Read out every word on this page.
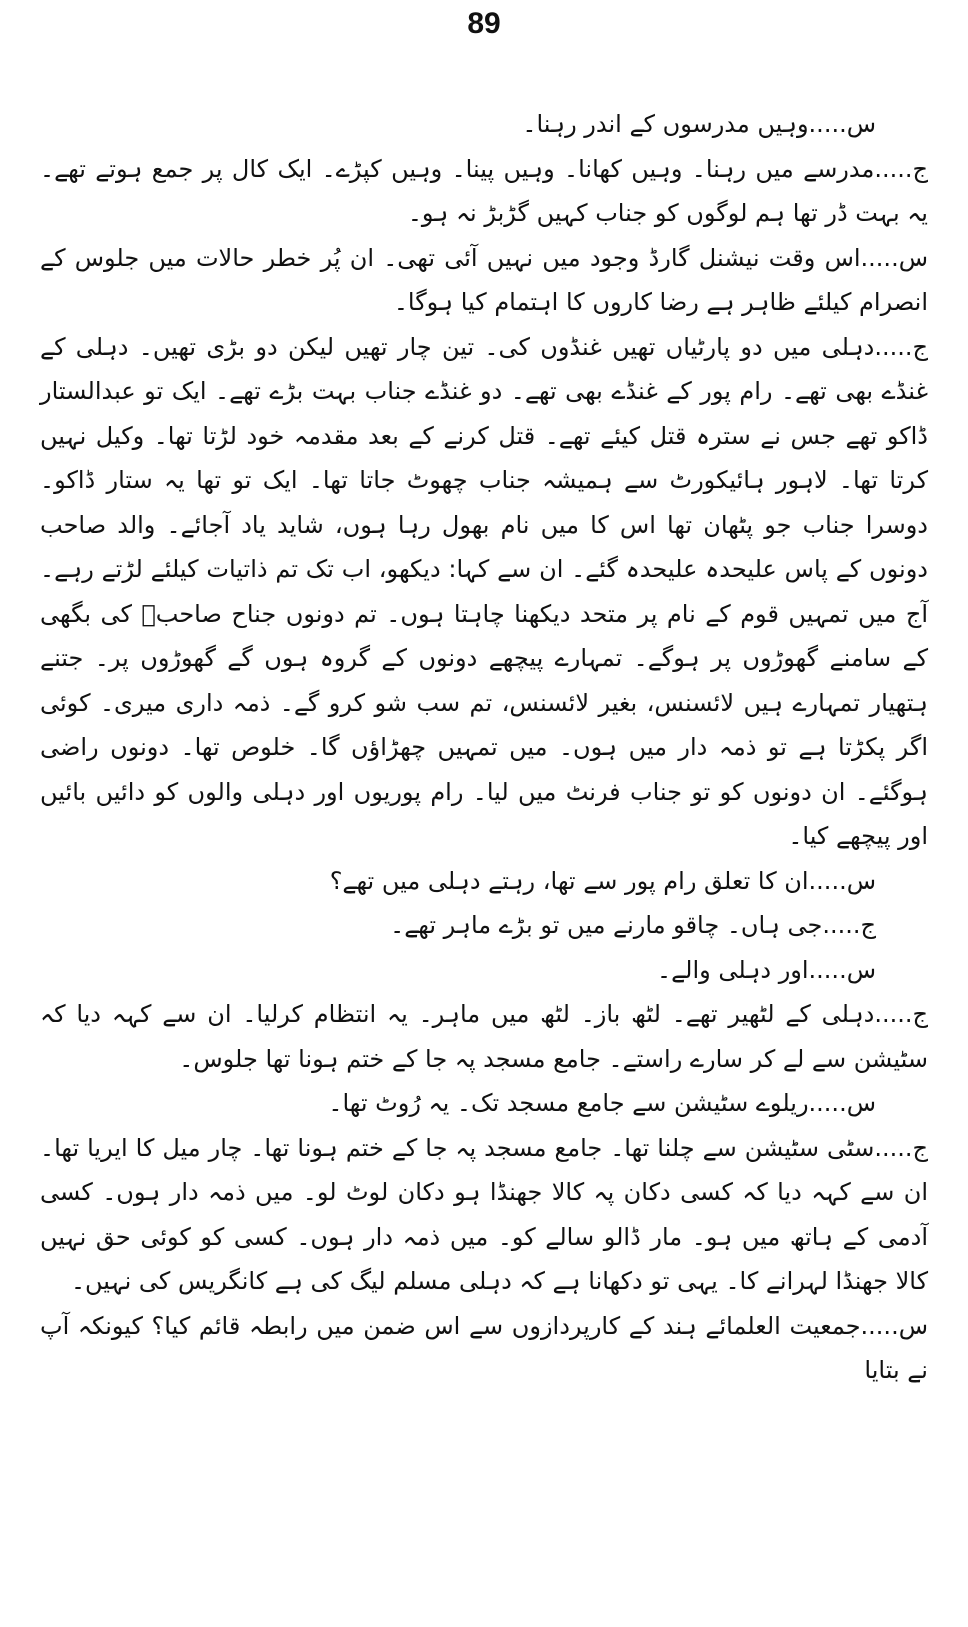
89

س.....وہیں مدرسوں کے اندر رہنا۔

ج.....مدرسے میں رہنا۔ وہیں کھانا۔ وہیں پینا۔ وہیں کپڑے۔ ایک کال پر جمع ہوتے تھے۔ یہ بہت ڈر تھا ہم لوگوں کو جناب کہیں گڑبڑ نہ ہو۔

س.....اس وقت نیشنل گارڈ وجود میں نہیں آئی تھی۔ ان پُر خطر حالات میں جلوس کے انصرام کیلئے ظاہر ہے رضا کاروں کا اہتمام کیا ہوگا۔

ج.....دہلی میں دو پارٹیاں تھیں غنڈوں کی۔ تین چار تھیں لیکن دو بڑی تھیں۔ دہلی کے غنڈے بھی تھے۔ رام پور کے غنڈے بھی تھے۔ دو غنڈے جناب بہت بڑے تھے۔ ایک تو عبدالستار ڈاکو تھے جس نے سترہ قتل کیئے تھے۔ قتل کرنے کے بعد مقدمہ خود لڑتا تھا۔ وکیل نہیں کرتا تھا۔ لاہور ہائیکورٹ سے ہمیشہ جناب چھوٹ جاتا تھا۔ ایک تو تھا یہ ستار ڈاکو۔ دوسرا جناب جو پٹھان تھا اس کا میں نام بھول رہا ہوں، شاید یاد آجائے۔ والد صاحب دونوں کے پاس علیحدہ علیحدہ گئے۔ ان سے کہا: دیکھو، اب تک تم ذاتیات کیلئے لڑتے رہے۔ آج میں تمہیں قوم کے نام پر متحد دیکھنا چاہتا ہوں۔ تم دونوں جناح صاحبؒ کی بگھی کے سامنے گھوڑوں پر ہوگے۔ تمہارے پیچھے دونوں کے گروہ ہوں گے گھوڑوں پر۔ جتنے ہتھیار تمہارے ہیں لائسنس، بغیر لائسنس، تم سب شو کرو گے۔ ذمہ داری میری۔ کوئی اگر پکڑتا ہے تو ذمہ دار میں ہوں۔ میں تمہیں چھڑاؤں گا۔ خلوص تھا۔ دونوں راضی ہوگئے۔ ان دونوں کو تو جناب فرنٹ میں لیا۔ رام پوریوں اور دہلی والوں کو دائیں بائیں اور پیچھے کیا۔

س.....ان کا تعلق رام پور سے تھا، رہتے دہلی میں تھے؟

ج.....جی ہاں۔ چاقو مارنے میں تو بڑے ماہر تھے۔

س.....اور دہلی والے۔

ج.....دہلی کے لٹھیر تھے۔ لٹھ باز۔ لٹھ میں ماہر۔ یہ انتظام کرلیا۔ ان سے کہہ دیا کہ سٹیشن سے لے کر سارے راستے۔ جامع مسجد پہ جا کے ختم ہونا تھا جلوس۔

س.....ریلوے سٹیشن سے جامع مسجد تک۔ یہ رُوٹ تھا۔

ج.....سٹی سٹیشن سے چلنا تھا۔ جامع مسجد پہ جا کے ختم ہونا تھا۔ چار میل کا ایریا تھا۔ ان سے کہہ دیا کہ کسی دکان پہ کالا جھنڈا ہو دکان لوٹ لو۔ میں ذمہ دار ہوں۔ کسی آدمی کے ہاتھ میں ہو۔ مار ڈالو سالے کو۔ میں ذمہ دار ہوں۔ کسی کو کوئی حق نہیں کالا جھنڈا لہرانے کا۔ یہی تو دکھانا ہے کہ دہلی مسلم لیگ کی ہے کانگریس کی نہیں۔

س.....جمعیت العلمائے ہند کے کارپردازوں سے اس ضمن میں رابطہ قائم کیا؟ کیونکہ آپ نے بتایا
